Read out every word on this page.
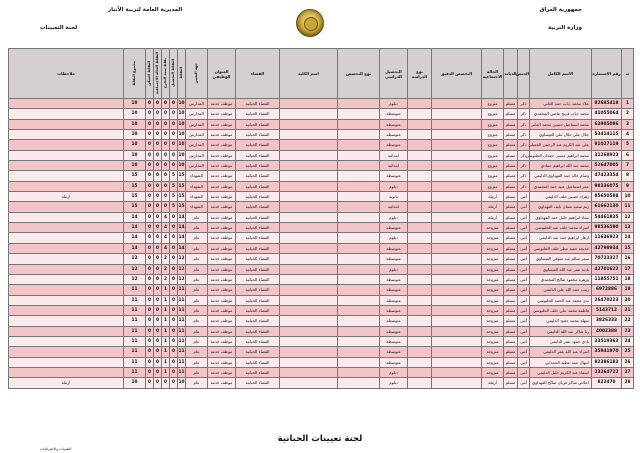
جمهورية العراق
وزارة التربية
المديرية العامة لتربية الأنبار
لجنة التعيينات
ت	رقم الاستمارة	الاسم الكامل	الجنس	الديانة	الحالة الاجتماعية	التخصص الدقيق	نوع الدراسة	التحصيل الدراسي	نوع التخصص	اسم الكلية	القضاء	العنوان الوظيفي	جهة التعيين	النقاط	النقاط التحصيل	نقاط سنة التخرج	النقاط الحالة الاجتماعية	النقاط للسكن	مجموع النقاط	ملاحظات
1	82685418	علاء محمد ذياب حمد العاني	ذكر	مسلم	متزوج			دبلوم			القضاء الحبانية	موظف خدمة	المدارس	10	0	0	0	0	10	
2	41055064	محمد ذياب فريح عاصي المحمدي	ذكر	مسلم	متزوج			متوسطة			القضاء الحبانية	موظف خدمة	المدارس	10	0	0	0	0	10	
3	63905086	محمد اسماعيل حسين محمد العاني	ذكر	مسلم	متزوج			متوسطة			القضاء الحبانية	موظف خدمة	المدارس	10	0	0	0	0	10	
4	53414115	جلال علي جلال علي العيساوي	ذكر	مسلم	متزوج			متوسطة			القضاء الحبانية	موظف خدمة	المدارس	10	0	0	0	0	10	
5	91027119	علي عبد الكريم عبد الرحمن الجميلي	ذكر	مسلم	متزوج			متوسطة			القضاء الحبانية	موظف خدمة	المدارس	10	0	0	0	0	10	
6	31268923	محمد ابراهيم عيسى حمدان الحلبوسي	ذكر	مسلم	متزوج			ابتدائية			القضاء الحبانية	موظف خدمة	المدارس	10	0	0	0	0	10	
7	52647005	محمد عبد الله ابراهيم حمادي	ذكر	مسلم	متزوج			ابتدائية			القضاء الحبانية	موظف خدمة	المدارس	10	0	0	0	0	10	
8	47423354	وسام خالد حمد الفهداوي الدليمي	ذكر	مسلم	متزوج			متوسطة			القضاء الحبانية	موظف خدمة	الشهداء	15	5	0	0	0	15	
9	98336075	عمر اسماعيل عبيد حمد المحمدي	ذكر	مسلم	متزوج			دبلوم			القضاء الحبانية	موظف خدمة	الشهداء	15	5	0	0	0	15	
10	85650588	زهراء حسين خلف الدليمي	أنثى	مسلم	أرملة			ثانوية			القضاء الحبانية	موظف خدمة	الشهداء	15	5	0	0	0	15	أرملة
11	61662130	ريم سعيد نعمان نايف الفهداوي	أنثى	مسلم	أرملة			ابتدائية			القضاء الحبانية	موظف خدمة	الشهداء	15	5	0	0	0	15	
12	54461835	سناء ابراهيم خليل حمد الفهداوي	أنثى	مسلم	أرملة			دبلوم			القضاء الحبانية	موظف خدمة	عام	14	0	4	0	0	14	
13	98536590	اسراء محمد خلف عبد الحلبوسي	أنثى	مسلم	متزوجة			متوسطة			القضاء الحبانية	موظف خدمة	عام	14	0	4	0	0	14	
14	11636923	ازهار ابراهيم حمد عبد الدليمي	أنثى	مسلم	متزوجة			دبلوم			القضاء الحبانية	موظف خدمة	عام	14	0	4	0	0	14	
15	42798934	خديجة حميد مطر خلف الحلبوسي	أنثى	مسلم	متزوجة			متوسطة			القضاء الحبانية	موظف خدمة	عام	14	0	4	0	0	14	
16	70723327	سمر سالم عبد شوقي العيساوي	أنثى	مسلم	متزوجة			متوسطة			القضاء الحبانية	موظف خدمة	عام	12	0	2	0	0	12	
17	42701622	نادية عمر عبد الله العيساوي	أنثى	مسلم	متزوجة			دبلوم			القضاء الحبانية	موظف خدمة	عام	12	0	2	0	0	12	
18	11855751	وزهرة محمود صالح المحمدي	أنثى	مسلم	متزوجة			متوسطة			القضاء الحبانية	موظف خدمة	عام	12	0	2	0	0	12	
19	6972886	زينب حمد الله علي الدليمي	أنثى	مسلم	متزوجة			متوسطة			القضاء الحبانية	موظف خدمة	عام	11	0	1	0	0	11	
20	26470223	ندى محمد عبد الحمد الحلبوسي	أنثى	مسلم	متزوجة			متوسطة			القضاء الحبانية	موظف خدمة	عام	11	0	1	0	0	11	
21	5143712	فاطمة محمد علي خلف الحلبوسي	أنثى	مسلم	متزوجة			متوسطة			القضاء الحبانية	موظف خدمة	عام	11	0	1	0	0	11	
22	3826333	سهلة محمد حمود الدليمي	أنثى	مسلم	متزوجة			متوسطة			القضاء الحبانية	موظف خدمة	عام	11	0	1	0	0	11	
23	4002388	رنا شاكر عبد الله الدليمي	أنثى	مسلم	متزوجة			متوسطة			القضاء الحبانية	موظف خدمة	عام	11	0	1	0	0	11	
24	33519363	نادي حمود عمر الدليمي	أنثى	مسلم	متزوجة			متوسطة			القضاء الحبانية	موظف خدمة	عام	11	0	1	0	0	11	
25	35941970	اسراء عبد الله عمر الدليمي	أنثى	مسلم	متزوجة			متوسطة			القضاء الحبانية	موظف خدمة	عام	11	0	1	0	0	11	
26	82386183	ابتهال حمد عطية الحمداني	أنثى	مسلم	متزوجة			متوسطة			القضاء الحبانية	موظف خدمة	عام	11	0	1	0	0	11	
27	23264722	اسماء عبد الكريم خليل الدليمي	أنثى	مسلم	متزوجة			دبلوم			القضاء الحبانية	موظف خدمة	عام	11	0	1	0	0	11	
28	822470	اخلاص شاكر قريان صالح الفهداوي	أنثى	مسلم	أرملة			دبلوم			القضاء الحبانية	موظف خدمة	عام	10	0	0	0	0	10	أرملة
لجنة تعيينات الحبانية
التعيينات والاعتراضات
